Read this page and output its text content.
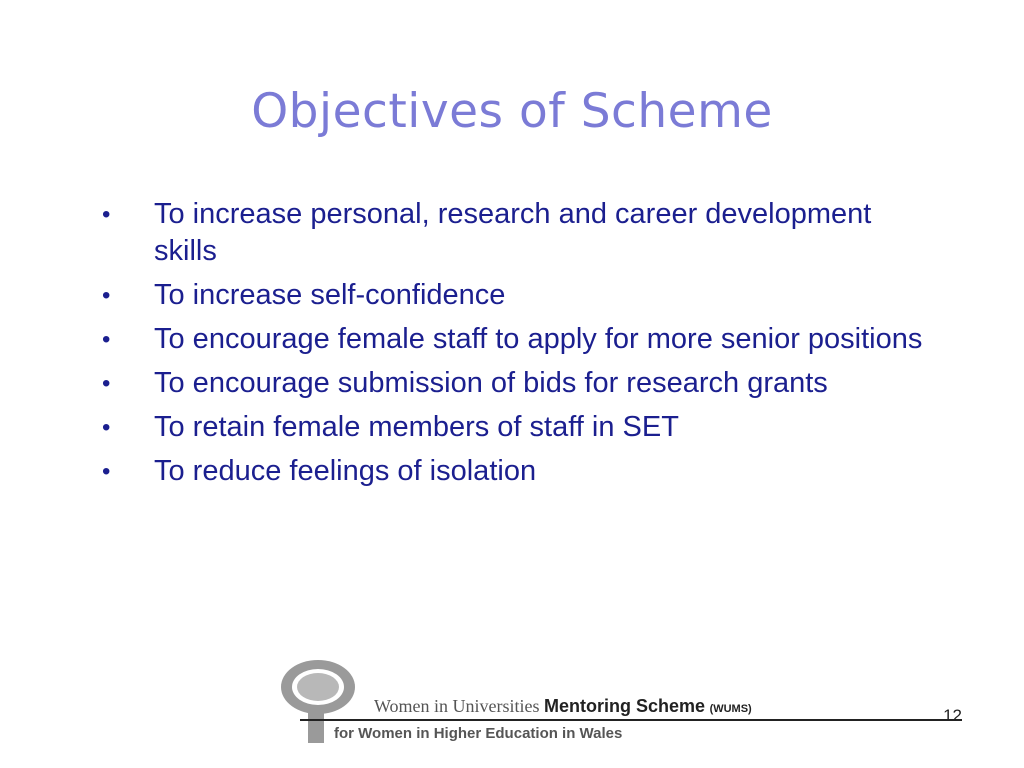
Objectives of Scheme
• To increase personal, research and career development skills
• To increase self-confidence
• To encourage female staff to apply for more senior positions
• To encourage submission of bids for research grants
• To retain female members of staff in SET
• To reduce feelings of isolation
Women in Universities Mentoring Scheme (WUMS)
for Women in Higher Education in Wales
12
